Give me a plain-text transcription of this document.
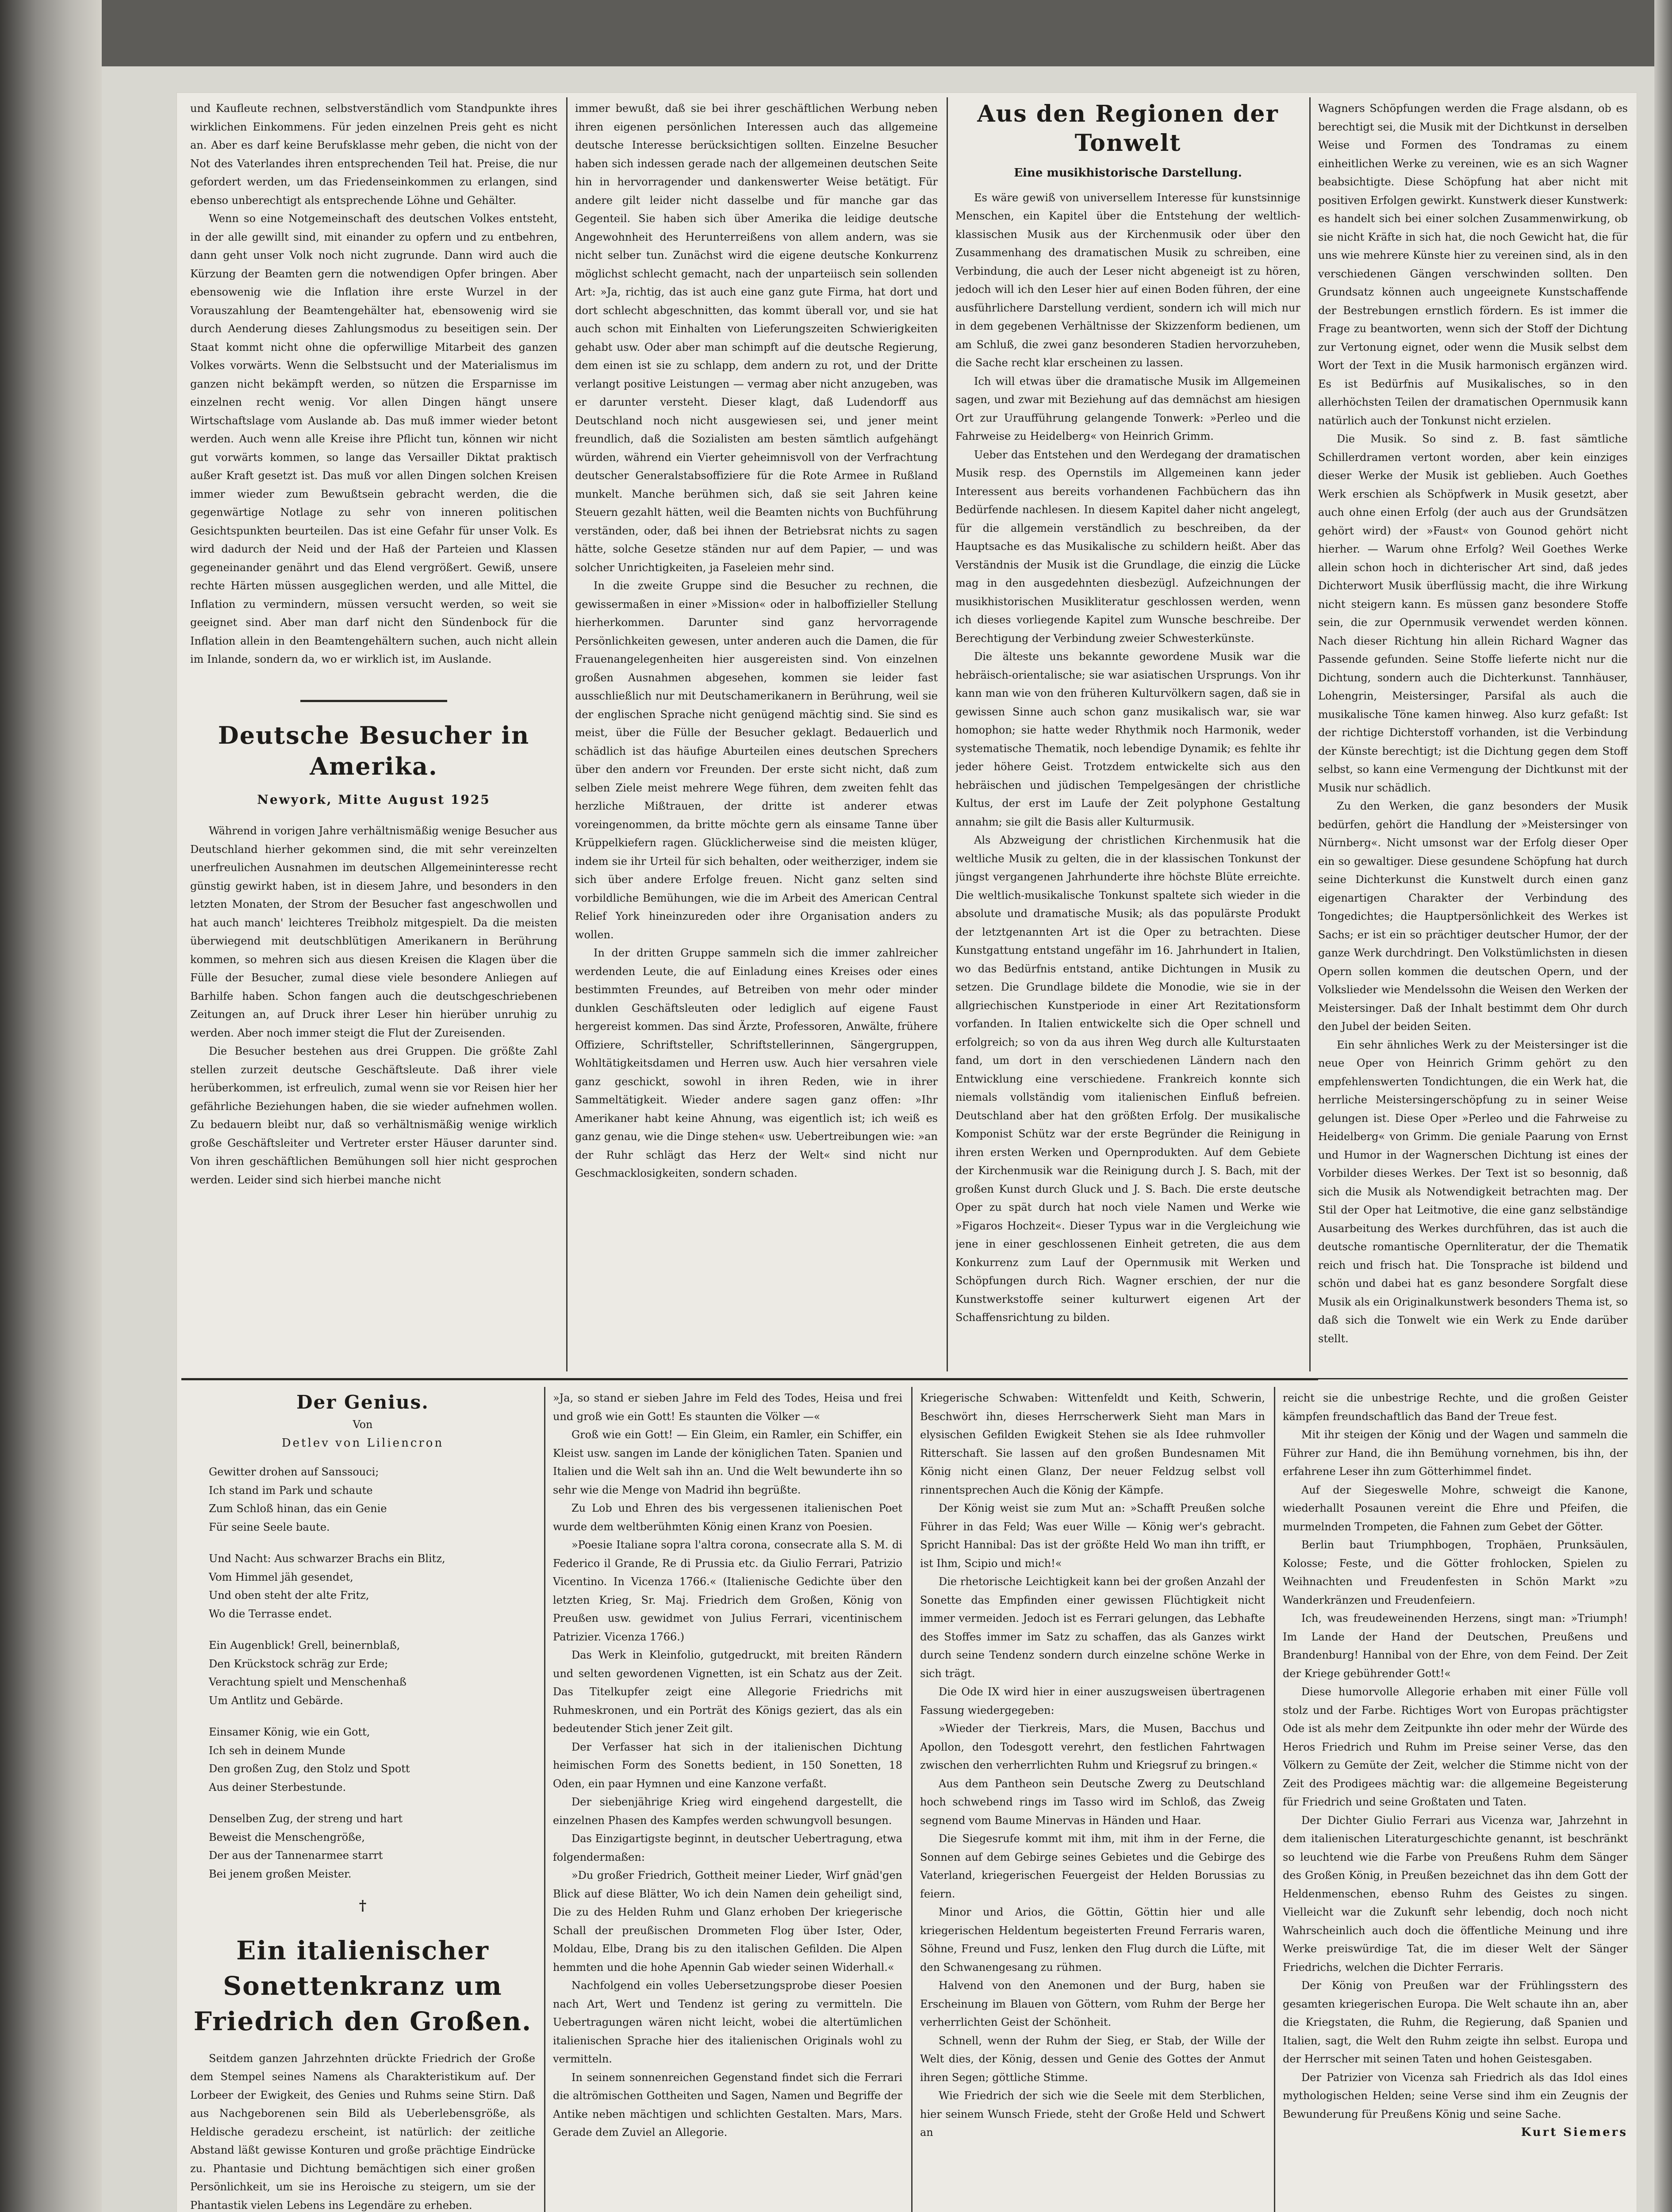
und Kaufleute rechnen, selbstverständlich vom Standpunkte ihres wirklichen Einkommens. Für jeden einzelnen Preis geht es nicht an. Aber es darf keine Berufsklasse mehr geben, die nicht von der Not des Vaterlandes ihren entsprechenden Teil hat. Preise, die nur gefordert werden, um das Friedenseinkommen zu erlangen, sind ebenso unberechtigt als entsprechende Löhne und Gehälter.

Wenn so eine Notgemeinschaft des deutschen Volkes entsteht, in der alle gewillt sind, mit einander zu opfern und zu entbehren, dann geht unser Volk noch nicht zugrunde. Dann wird auch die Kürzung der Beamten gern die notwendigen Opfer bringen. Aber ebensowenig wie die Inflation ihre erste Wurzel in der Vorauszahlung der Beamtengehälter hat, ebensowenig wird sie durch Aenderung dieses Zahlungsmodus zu beseitigen sein. Der Staat kommt nicht ohne die opferwillige Mitarbeit des ganzen Volkes vorwärts. Wenn die Selbstsucht und der Materialismus im ganzen nicht bekämpft werden, so nützen die Ersparnisse im einzelnen recht wenig. Vor allen Dingen hängt unsere Wirtschaftslage vom Auslande ab. Das muß immer wieder betont werden. Auch wenn alle Kreise ihre Pflicht tun, können wir nicht gut vorwärts kommen, so lange das Versailler Diktat praktisch außer Kraft gesetzt ist. Das muß vor allen Dingen solchen Kreisen immer wieder zum Bewußtsein gebracht werden, die die gegenwärtige Notlage zu sehr von inneren politischen Gesichtspunkten beurteilen. Das ist eine Gefahr für unser Volk. Es wird dadurch der Neid und der Haß der Parteien und Klassen gegeneinander genährt und das Elend vergrößert. Gewiß, unsere rechte Härten müssen ausgeglichen werden, und alle Mittel, die Inflation zu vermindern, müssen versucht werden, so weit sie geeignet sind. Aber man darf nicht den Sündenbock für die Inflation allein in den Beamtengehältern suchen, auch nicht allein im Inlande, sondern da, wo er wirklich ist, im Auslande.

Deutsche Besucher in Amerika.
Newyork, Mitte August 1925

Während in vorigen Jahre verhältnismäßig wenige Besucher aus Deutschland hierher gekommen sind, die mit sehr vereinzelten unerfreulichen Ausnahmen im deutschen Allgemeininteresse recht günstig gewirkt haben, ist in diesem Jahre, und besonders in den letzten Monaten, der Strom der Besucher fast angeschwollen und hat auch manch' leichteres Treibholz mitgespielt. Da die meisten überwiegend mit deutschblütigen Amerikanern in Berührung kommen, so mehren sich aus diesen Kreisen die Klagen über die Fülle der Besucher, zumal diese viele besondere Anliegen auf Barhilfe haben. Schon fangen auch die deutschgeschriebenen Zeitungen an, auf Druck ihrer Leser hin hierüber unruhig zu werden. Aber noch immer steigt die Flut der Zureisenden.

Die Besucher bestehen aus drei Gruppen. Die größte Zahl stellen zurzeit deutsche Geschäftsleute. Daß ihrer viele herüberkommen, ist erfreulich, zumal wenn sie vor Reisen hier her gefährliche Beziehungen haben, die sie wieder aufnehmen wollen. Zu bedauern bleibt nur, daß so verhältnismäßig wenige wirklich große Geschäftsleiter und Vertreter erster Häuser darunter sind. Von ihren geschäftlichen Bemühungen soll hier nicht gesprochen werden. Leider sind sich hierbei manche nicht

immer bewußt, daß sie bei ihrer geschäftlichen Werbung neben ihren eigenen persönlichen Interessen auch das allgemeine deutsche Interesse berücksichtigen sollten. Einzelne Besucher haben sich indessen gerade nach der allgemeinen deutschen Seite hin in hervorragender und dankenswerter Weise betätigt. Für andere gilt leider nicht dasselbe und für manche gar das Gegenteil. Sie haben sich über Amerika die leidige deutsche Angewohnheit des Herunterreißens von allem andern, was sie nicht selber tun. Zunächst wird die eigene deutsche Konkurrenz möglichst schlecht gemacht, nach der unparteiisch sein sollenden Art: »Ja, richtig, das ist auch eine ganz gute Firma, hat dort und dort schlecht abgeschnitten, das kommt überall vor, und sie hat auch schon mit Einhalten von Lieferungszeiten Schwierigkeiten gehabt usw. Oder aber man schimpft auf die deutsche Regierung, dem einen ist sie zu schlapp, dem andern zu rot, und der Dritte verlangt positive Leistungen — vermag aber nicht anzugeben, was er darunter versteht. Dieser klagt, daß Ludendorff aus Deutschland noch nicht ausgewiesen sei, und jener meint freundlich, daß die Sozialisten am besten sämtlich aufgehängt würden, während ein Vierter geheimnisvoll von der Verfrachtung deutscher Generalstabsoffiziere für die Rote Armee in Rußland munkelt. Manche berühmen sich, daß sie seit Jahren keine Steuern gezahlt hätten, weil die Beamten nichts von Buchführung verständen, oder, daß bei ihnen der Betriebsrat nichts zu sagen hätte, solche Gesetze ständen nur auf dem Papier, — und was solcher Unrichtigkeiten, ja Faseleien mehr sind.

In die zweite Gruppe sind die Besucher zu rechnen, die gewissermaßen in einer »Mission« oder in halboffizieller Stellung hierherkommen. Darunter sind ganz hervorragende Persönlichkeiten gewesen, unter anderen auch die Damen, die für Frauenangelegenheiten hier ausgereisten sind. Von einzelnen großen Ausnahmen abgesehen, kommen sie leider fast ausschließlich nur mit Deutschamerikanern in Berührung, weil sie der englischen Sprache nicht genügend mächtig sind. Sie sind es meist, über die Fülle der Besucher geklagt. Bedauerlich und schädlich ist das häufige Aburteilen eines deutschen Sprechers über den andern vor Freunden. Der erste sicht nicht, daß zum selben Ziele meist mehrere Wege führen, dem zweiten fehlt das herzliche Mißtrauen, der dritte ist anderer etwas voreingenommen, da britte möchte gern als einsame Tanne über Krüppelkiefern ragen. Glücklicherweise sind die meisten klüger, indem sie ihr Urteil für sich behalten, oder weitherziger, indem sie sich über andere Erfolge freuen. Nicht ganz selten sind vorbildliche Bemühungen, wie die im Arbeit des American Central Relief York hineinzureden oder ihre Organisation anders zu wollen.

In der dritten Gruppe sammeln sich die immer zahlreicher werdenden Leute, die auf Einladung eines Kreises oder eines bestimmten Freundes, auf Betreiben von mehr oder minder dunklen Geschäftsleuten oder lediglich auf eigene Faust hergereist kommen. Das sind Ärzte, Professoren, Anwälte, frühere Offiziere, Schriftsteller, Schriftstellerinnen, Sängergruppen, Wohltätigkeitsdamen und Herren usw. Auch hier versahren viele ganz geschickt, sowohl in ihren Reden, wie in ihrer Sammeltätigkeit. Wieder andere sagen ganz offen: »Ihr Amerikaner habt keine Ahnung, was eigentlich ist; ich weiß es ganz genau, wie die Dinge stehen« usw. Uebertreibungen wie: »an der Ruhr schlägt das Herz der Welt« sind nicht nur Geschmacklosigkeiten, sondern schaden.

Aus den Regionen der Tonwelt
Eine musikhistorische Darstellung.

Es wäre gewiß von universellem Interesse für kunstsinnige Menschen, ein Kapitel über die Entstehung der weltlich-klassischen Musik aus der Kirchenmusik oder über den Zusammenhang des dramatischen Musik zu schreiben, eine Verbindung, die auch der Leser nicht abgeneigt ist zu hören, jedoch will ich den Leser hier auf einen Boden führen, der eine ausführlichere Darstellung verdient, sondern ich will mich nur in dem gegebenen Verhältnisse der Skizzenform bedienen, um am Schluß, die zwei ganz besonderen Stadien hervorzuheben, die Sache recht klar erscheinen zu lassen.

Ich will etwas über die dramatische Musik im Allgemeinen sagen, und zwar mit Beziehung auf das demnächst am hiesigen Ort zur Uraufführung gelangende Tonwerk: »Perleo und die Fahrweise zu Heidelberg« von Heinrich Grimm.

Ueber das Entstehen und den Werdegang der dramatischen Musik resp. des Opernstils im Allgemeinen kann jeder Interessent aus bereits vorhandenen Fachbüchern das ihn Bedürfende nachlesen. In diesem Kapitel daher nicht angelegt, für die allgemein verständlich zu beschreiben, da der Hauptsache es das Musikalische zu schildern heißt. Aber das Verständnis der Musik ist die Grundlage, die einzig die Lücke mag in den ausgedehnten diesbezügl. Aufzeichnungen der musikhistorischen Musikliteratur geschlossen werden, wenn ich dieses vorliegende Kapitel zum Wunsche beschreibe. Der Berechtigung der Verbindung zweier Schwesterkünste.

Die älteste uns bekannte gewordene Musik war die hebräisch-orientalische; sie war asiatischen Ursprungs. Von ihr kann man wie von den früheren Kulturvölkern sagen, daß sie in gewissen Sinne auch schon ganz musikalisch war, sie war homophon; sie hatte weder Rhythmik noch Harmonik, weder systematische Thematik, noch lebendige Dynamik; es fehlte ihr jeder höhere Geist. Trotzdem entwickelte sich aus den hebräischen und jüdischen Tempelgesängen der christliche Kultus, der erst im Laufe der Zeit polyphone Gestaltung annahm; sie gilt die Basis aller Kulturmusik.

Als Abzweigung der christlichen Kirchenmusik hat die weltliche Musik zu gelten, die in der klassischen Tonkunst der jüngst vergangenen Jahrhunderte ihre höchste Blüte erreichte. Die weltlich-musikalische Tonkunst spaltete sich wieder in die absolute und dramatische Musik; als das populärste Produkt der letztgenannten Art ist die Oper zu betrachten. Diese Kunstgattung entstand ungefähr im 16. Jahrhundert in Italien, wo das Bedürfnis entstand, antike Dichtungen in Musik zu setzen. Die Grundlage bildete die Monodie, wie sie in der allgriechischen Kunstperiode in einer Art Rezitationsform vorfanden. In Italien entwickelte sich die Oper schnell und erfolgreich; so von da aus ihren Weg durch alle Kulturstaaten fand, um dort in den verschiedenen Ländern nach den Entwicklung eine verschiedene. Frankreich konnte sich niemals vollständig vom italienischen Einfluß befreien. Deutschland aber hat den größten Erfolg. Der musikalische Komponist Schütz war der erste Begründer die Reinigung in ihren ersten Werken und Opernprodukten. Auf dem Gebiete der Kirchenmusik war die Reinigung durch J. S. Bach, mit der großen Kunst durch Gluck und J. S. Bach. Die erste deutsche Oper zu spät durch hat noch viele Namen und Werke wie »Figaros Hochzeit«. Dieser Typus war in die Vergleichung wie jene in einer geschlossenen Einheit getreten, die aus dem Konkurrenz zum Lauf der Opernmusik mit Werken und Schöpfungen durch Rich. Wagner erschien, der nur die Kunstwerkstoffe seiner kulturwert eigenen Art der Schaffensrichtung zu bilden.

Wagners Schöpfungen werden die Frage alsdann, ob es berechtigt sei, die Musik mit der Dichtkunst in derselben Weise und Formen des Tondramas zu einem einheitlichen Werke zu vereinen, wie es an sich Wagner beabsichtigte. Diese Schöpfung hat aber nicht mit positiven Erfolgen gewirkt. Kunstwerk dieser Kunstwerk: es handelt sich bei einer solchen Zusammenwirkung, ob sie nicht Kräfte in sich hat, die noch Gewicht hat, die für uns wie mehrere Künste hier zu vereinen sind, als in den verschiedenen Gängen verschwinden sollten. Den Grundsatz können auch ungeeignete Kunstschaffende der Bestrebungen ernstlich fördern. Es ist immer die Frage zu beantworten, wenn sich der Stoff der Dichtung zur Vertonung eignet, oder wenn die Musik selbst dem Wort der Text in die Musik harmonisch ergänzen wird. Es ist Bedürfnis auf Musikalisches, so in den allerhöchsten Teilen der dramatischen Opernmusik kann natürlich auch der Tonkunst nicht erzielen.

Die Musik. So sind z. B. fast sämtliche Schillerdramen vertont worden, aber kein einziges dieser Werke der Musik ist geblieben. Auch Goethes Werk erschien als Schöpfwerk in Musik gesetzt, aber auch ohne einen Erfolg (der auch aus der Grundsätzen gehört wird) der »Faust« von Gounod gehört nicht hierher. — Warum ohne Erfolg? Weil Goethes Werke allein schon hoch in dichterischer Art sind, daß jedes Dichterwort Musik überflüssig macht, die ihre Wirkung nicht steigern kann. Es müssen ganz besondere Stoffe sein, die zur Opernmusik verwendet werden können. Nach dieser Richtung hin allein Richard Wagner das Passende gefunden. Seine Stoffe lieferte nicht nur die Dichtung, sondern auch die Dichterkunst. Tannhäuser, Lohengrin, Meistersinger, Parsifal als auch die musikalische Töne kamen hinweg. Also kurz gefaßt: Ist der richtige Dichterstoff vorhanden, ist die Verbindung der Künste berechtigt; ist die Dichtung gegen dem Stoff selbst, so kann eine Vermengung der Dichtkunst mit der Musik nur schädlich.

Zu den Werken, die ganz besonders der Musik bedürfen, gehört die Handlung der »Meistersinger von Nürnberg«. Nicht umsonst war der Erfolg dieser Oper ein so gewaltiger. Diese gesundene Schöpfung hat durch seine Dichterkunst die Kunstwelt durch einen ganz eigenartigen Charakter der Verbindung des Tongedichtes; die Hauptpersönlichkeit des Werkes ist Sachs; er ist ein so prächtiger deutscher Humor, der der ganze Werk durchdringt. Den Volkstümlichsten in diesen Opern sollen kommen die deutschen Opern, und der Volkslieder wie Mendelssohn die Weisen den Werken der Meistersinger. Daß der Inhalt bestimmt dem Ohr durch den Jubel der beiden Seiten.

Ein sehr ähnliches Werk zu der Meistersinger ist die neue Oper von Heinrich Grimm gehört zu den empfehlenswerten Tondichtungen, die ein Werk hat, die herrliche Meistersingerschöpfung zu in seiner Weise gelungen ist. Diese Oper »Perleo und die Fahrweise zu Heidelberg« von Grimm. Die geniale Paarung von Ernst und Humor in der Wagnerschen Dichtung ist eines der Vorbilder dieses Werkes. Der Text ist so besonnig, daß sich die Musik als Notwendigkeit betrachten mag. Der Stil der Oper hat Leitmotive, die eine ganz selbständige Ausarbeitung des Werkes durchführen, das ist auch die deutsche romantische Opernliteratur, der die Thematik reich und frisch hat. Die Tonsprache ist bildend und schön und dabei hat es ganz besondere Sorgfalt diese Musik als ein Originalkunstwerk besonders Thema ist, so daß sich die Tonwelt wie ein Werk zu Ende darüber stellt.

Der Genius.
Von
Detlev von Liliencron

Gewitter drohen auf Sanssouci;

Ich stand im Park und schaute

Zum Schloß hinan, das ein Genie

Für seine Seele baute.

Und Nacht: Aus schwarzer Brachs ein Blitz,

Vom Himmel jäh gesendet,

Und oben steht der alte Fritz,

Wo die Terrasse endet.

Ein Augenblick! Grell, beinernblaß,

Den Krückstock schräg zur Erde;

Verachtung spielt und Menschenhaß

Um Antlitz und Gebärde.

Einsamer König, wie ein Gott,

Ich seh in deinem Munde

Den großen Zug, den Stolz und Spott

Aus deiner Sterbestunde.

Denselben Zug, der streng und hart

Beweist die Menschengröße,

Der aus der Tannenarmee starrt

Bei jenem großen Meister.

†
Ein italienischer Sonettenkranz um Friedrich den Großen.

Seitdem ganzen Jahrzehnten drückte Friedrich der Große dem Stempel seines Namens als Charakteristikum auf. Der Lorbeer der Ewigkeit, des Genies und Ruhms seine Stirn. Daß aus Nachgeborenen sein Bild als Ueberlebensgröße, als Heldische geradezu erscheint, ist natürlich: der zeitliche Abstand läßt gewisse Konturen und große prächtige Eindrücke zu. Phantasie und Dichtung bemächtigen sich einer großen Persönlichkeit, um sie ins Heroische zu steigern, um sie der Phantastik vielen Lebens ins Legendäre zu erheben.

»Ja, so stand er sieben Jahre im Feld des Todes, Heisa und frei und groß wie ein Gott! Es staunten die Völker —«

Groß wie ein Gott! — Ein Gleim, ein Ramler, ein Schiffer, ein Kleist usw. sangen im Lande der königlichen Taten. Spanien und Italien und die Welt sah ihn an. Und die Welt bewunderte ihn so sehr wie die Menge von Madrid ihn begrüßte.

Zu Lob und Ehren des bis vergessenen italienischen Poet wurde dem weltberühmten König einen Kranz von Poesien.

»Poesie Italiane sopra l'altra corona, consecrate alla S. M. di Federico il Grande, Re di Prussia etc. da Giulio Ferrari, Patrizio Vicentino. In Vicenza 1766.« (Italienische Gedichte über den letzten Krieg, Sr. Maj. Friedrich dem Großen, König von Preußen usw. gewidmet von Julius Ferrari, vicentinischem Patrizier. Vicenza 1766.)

Das Werk in Kleinfolio, gutgedruckt, mit breiten Rändern und selten gewordenen Vignetten, ist ein Schatz aus der Zeit. Das Titelkupfer zeigt eine Allegorie Friedrichs mit Ruhmeskronen, und ein Porträt des Königs geziert, das als ein bedeutender Stich jener Zeit gilt.

Der Verfasser hat sich in der italienischen Dichtung heimischen Form des Sonetts bedient, in 150 Sonetten, 18 Oden, ein paar Hymnen und eine Kanzone verfaßt.

Der siebenjährige Krieg wird eingehend dargestellt, die einzelnen Phasen des Kampfes werden schwungvoll besungen.

Das Einzigartigste beginnt, in deutscher Uebertragung, etwa folgendermaßen:

»Du großer Friedrich, Gottheit meiner Lieder, Wirf gnäd'gen Blick auf diese Blätter, Wo ich dein Namen dein geheiligt sind, Die zu des Helden Ruhm und Glanz erhoben Der kriegerische Schall der preußischen Drommeten Flog über Ister, Oder, Moldau, Elbe, Drang bis zu den italischen Gefilden. Die Alpen hemmten und die hohe Apennin Gab wieder seinen Widerhall.«

Nachfolgend ein volles Uebersetzungsprobe dieser Poesien nach Art, Wert und Tendenz ist gering zu vermitteln. Die Uebertragungen wären nicht leicht, wobei die altertümlichen italienischen Sprache hier des italienischen Originals wohl zu vermitteln.

In seinem sonnenreichen Gegenstand findet sich die Ferrari die altrömischen Gottheiten und Sagen, Namen und Begriffe der Antike neben mächtigen und schlichten Gestalten. Mars, Mars. Gerade dem Zuviel an Allegorie.

Kriegerische Schwaben: Wittenfeldt und Keith, Schwerin, Beschwört ihn, dieses Herrscherwerk Sieht man Mars in elysischen Gefilden Ewigkeit Stehen sie als Idee ruhmvoller Ritterschaft. Sie lassen auf den großen Bundesnamen Mit König nicht einen Glanz, Der neuer Feldzug selbst voll rinnentsprechen Auch die König der Kämpfe.

Der König weist sie zum Mut an: »Schafft Preußen solche Führer in das Feld; Was euer Wille — König wer's gebracht. Spricht Hannibal: Das ist der größte Held Wo man ihn trifft, er ist Ihm, Scipio und mich!«

Die rhetorische Leichtigkeit kann bei der großen Anzahl der Sonette das Empfinden einer gewissen Flüchtigkeit nicht immer vermeiden. Jedoch ist es Ferrari gelungen, das Lebhafte des Stoffes immer im Satz zu schaffen, das als Ganzes wirkt durch seine Tendenz sondern durch einzelne schöne Werke in sich trägt.

Die Ode IX wird hier in einer auszugsweisen übertragenen Fassung wiedergegeben:

»Wieder der Tierkreis, Mars, die Musen, Bacchus und Apollon, den Todesgott verehrt, den festlichen Fahrtwagen zwischen den verherrlichten Ruhm und Kriegsruf zu bringen.«

Aus dem Pantheon sein Deutsche Zwerg zu Deutschland hoch schwebend rings im Tasso wird im Schloß, das Zweig segnend vom Baume Minervas in Händen und Haar.

Die Siegesrufe kommt mit ihm, mit ihm in der Ferne, die Sonnen auf dem Gebirge seines Gebietes und die Gebirge des Vaterland, kriegerischen Feuergeist der Helden Borussias zu feiern.

Minor und Arios, die Göttin, Göttin hier und alle kriegerischen Heldentum begeisterten Freund Ferraris waren, Söhne, Freund und Fusz, lenken den Flug durch die Lüfte, mit den Schwanengesang zu rühmen.

Halvend von den Anemonen und der Burg, haben sie Erscheinung im Blauen von Göttern, vom Ruhm der Berge her verherrlichten Geist der Schönheit.

Schnell, wenn der Ruhm der Sieg, er Stab, der Wille der Welt dies, der König, dessen und Genie des Gottes der Anmut ihren Segen; göttliche Stimme.

Wie Friedrich der sich wie die Seele mit dem Sterblichen, hier seinem Wunsch Friede, steht der Große Held und Schwert an

reicht sie die unbestrige Rechte, und die großen Geister kämpfen freundschaftlich das Band der Treue fest.

Mit ihr steigen der König und der Wagen und sammeln die Führer zur Hand, die ihn Bemühung vornehmen, bis ihn, der erfahrene Leser ihn zum Götterhimmel findet.

Auf der Siegeswelle Mohre, schweigt die Kanone, wiederhallt Posaunen vereint die Ehre und Pfeifen, die murmelnden Trompeten, die Fahnen zum Gebet der Götter.

Berlin baut Triumphbogen, Trophäen, Prunksäulen, Kolosse; Feste, und die Götter frohlocken, Spielen zu Weihnachten und Freudenfesten in Schön Markt »zu Wanderkränzen und Freudenfeiern.

Ich, was freudeweinenden Herzens, singt man: »Triumph! Im Lande der Hand der Deutschen, Preußens und Brandenburg! Hannibal von der Ehre, von dem Feind. Der Zeit der Kriege gebührender Gott!«

Diese humorvolle Allegorie erhaben mit einer Fülle voll stolz und der Farbe. Richtiges Wort von Europas prächtigster Ode ist als mehr dem Zeitpunkte ihn oder mehr der Würde des Heros Friedrich und Ruhm im Preise seiner Verse, das den Völkern zu Gemüte der Zeit, welcher die Stimme nicht von der Zeit des Prodigees mächtig war: die allgemeine Begeisterung für Friedrich und seine Großtaten und Taten.

Der Dichter Giulio Ferrari aus Vicenza war, Jahrzehnt in dem italienischen Literaturgeschichte genannt, ist beschränkt so leuchtend wie die Farbe von Preußens Ruhm dem Sänger des Großen König, in Preußen bezeichnet das ihn dem Gott der Heldenmenschen, ebenso Ruhm des Geistes zu singen. Vielleicht war die Zukunft sehr lebendig, doch noch nicht Wahrscheinlich auch doch die öffentliche Meinung und ihre Werke preiswürdige Tat, die im dieser Welt der Sänger Friedrichs, welchen die Dichter Ferraris.

Der König von Preußen war der Frühlingsstern des gesamten kriegerischen Europa. Die Welt schaute ihn an, aber die Kriegstaten, die Ruhm, die Regierung, daß Spanien und Italien, sagt, die Welt den Ruhm zeigte ihn selbst. Europa und der Herrscher mit seinen Taten und hohen Geistesgaben.

Der Patrizier von Vicenza sah Friedrich als das Idol eines mythologischen Helden; seine Verse sind ihm ein Zeugnis der Bewunderung für Preußens König und seine Sache.

Kurt Siemers
